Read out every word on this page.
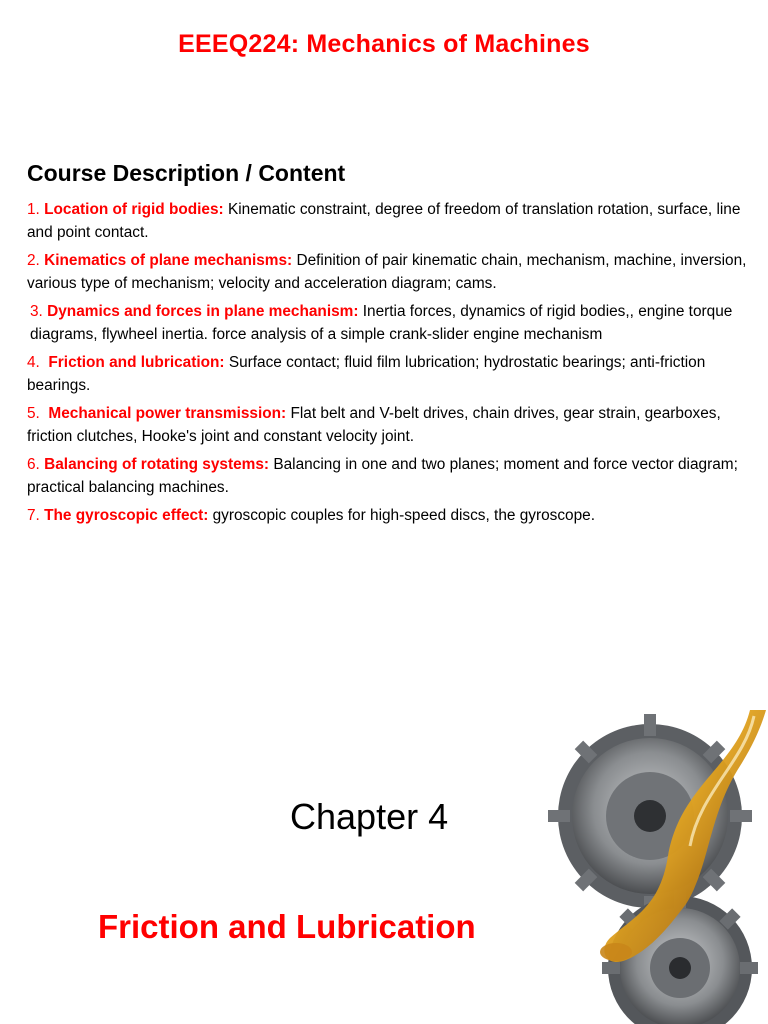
EEEQ224: Mechanics of Machines
Course Description / Content
1. Location of rigid bodies: Kinematic constraint, degree of freedom of translation rotation, surface, line and point contact.
2. Kinematics of plane mechanisms: Definition of pair kinematic chain, mechanism, machine, inversion, various type of mechanism; velocity and acceleration diagram; cams.
3. Dynamics and forces in plane mechanism: Inertia forces, dynamics of rigid bodies,, engine torque diagrams, flywheel inertia. force analysis of a simple crank-slider engine mechanism
4. Friction and lubrication: Surface contact; fluid film lubrication; hydrostatic bearings; anti-friction bearings.
5. Mechanical power transmission: Flat belt and V-belt drives, chain drives, gear strain, gearboxes, friction clutches, Hooke's joint and constant velocity joint.
6. Balancing of rotating systems: Balancing in one and two planes; moment and force vector diagram; practical balancing machines.
7. The gyroscopic effect: gyroscopic couples for high-speed discs, the gyroscope.
Chapter 4
Friction and Lubrication
